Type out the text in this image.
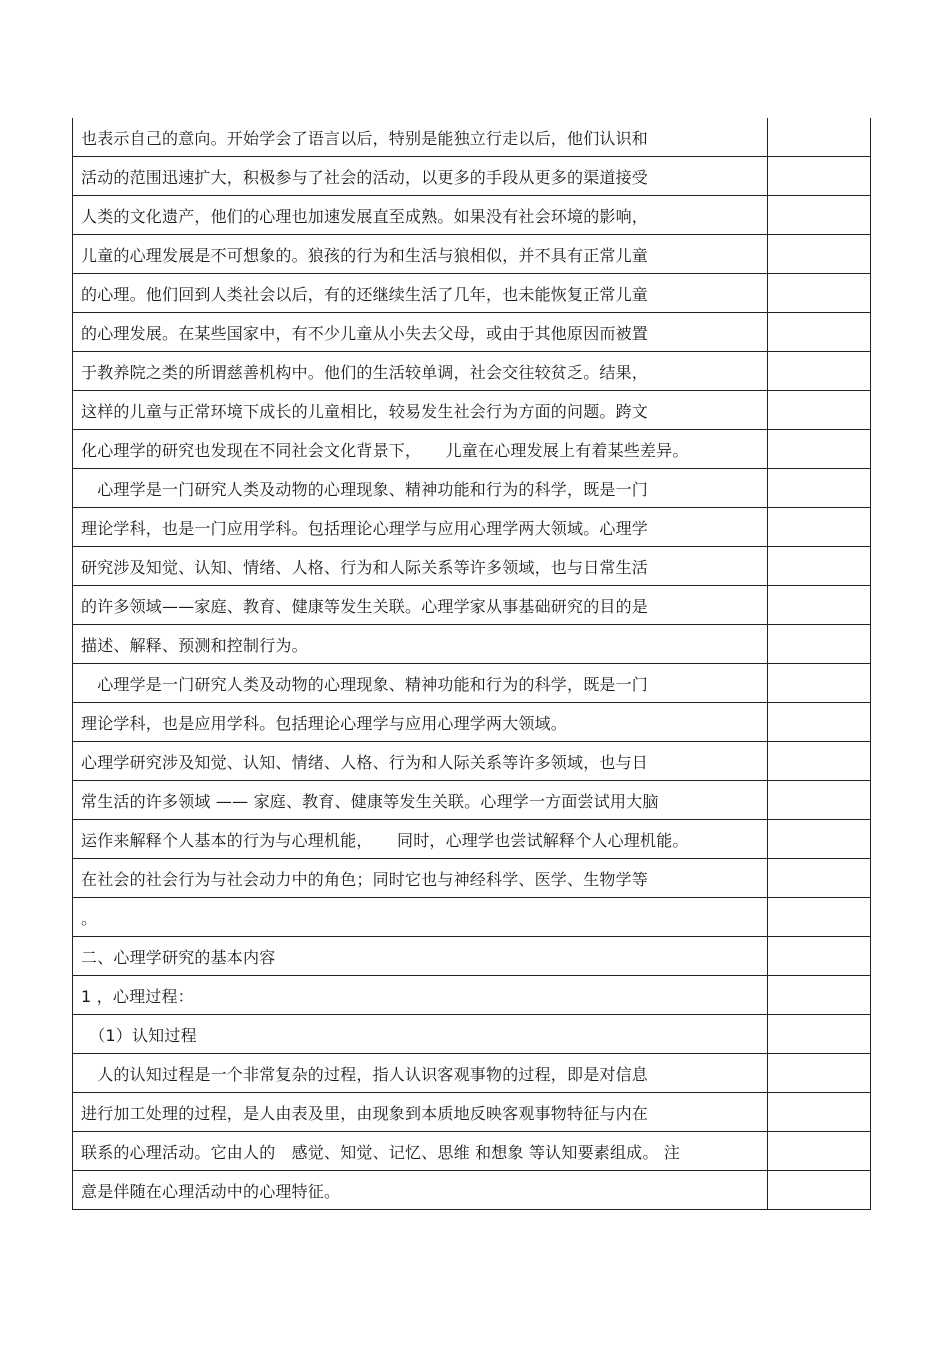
也表示自己的意向。开始学会了语言以后，特别是能独立行走以后，他们认识和	
活动的范围迅速扩大，积极参与了社会的活动，以更多的手段从更多的渠道接受	
人类的文化遗产，他们的心理也加速发展直至成熟。如果没有社会环境的影响，	
儿童的心理发展是不可想象的。狼孩的行为和生活与狼相似，并不具有正常儿童	
的心理。他们回到人类社会以后，有的还继续生活了几年，也未能恢复正常儿童	
的心理发展。在某些国家中，有不少儿童从小失去父母，或由于其他原因而被置	
于教养院之类的所谓慈善机构中。他们的生活较单调，社会交往较贫乏。结果，	
这样的儿童与正常环境下成长的儿童相比，较易发生社会行为方面的问题。跨文	
化心理学的研究也发现在不同社会文化背景下，　　儿童在心理发展上有着某些差异。	
　心理学是一门研究人类及动物的心理现象、精神功能和行为的科学，既是一门	
理论学科，也是一门应用学科。包括理论心理学与应用心理学两大领域。心理学	
研究涉及知觉、认知、情绪、人格、行为和人际关系等许多领域，也与日常生活	
的许多领域——家庭、教育、健康等发生关联。心理学家从事基础研究的目的是	
描述、解释、预测和控制行为。	
　心理学是一门研究人类及动物的心理现象、精神功能和行为的科学，既是一门	
理论学科，也是应用学科。包括理论心理学与应用心理学两大领域。	
心理学研究涉及知觉、认知、情绪、人格、行为和人际关系等许多领域，也与日	
常生活的许多领域 —— 家庭、教育、健康等发生关联。心理学一方面尝试用大脑	
运作来解释个人基本的行为与心理机能，　　同时，心理学也尝试解释个人心理机能。	
在社会的社会行为与社会动力中的角色；同时它也与神经科学、医学、生物学等	
。	
二、心理学研究的基本内容	
1 ，心理过程：	
　（1）认知过程	
　人的认知过程是一个非常复杂的过程，指人认识客观事物的过程，即是对信息	
进行加工处理的过程，是人由表及里，由现象到本质地反映客观事物特征与内在	
联系的心理活动。它由人的　感觉、知觉、记忆、思维 和想象 等认知要素组成。 注	
意是伴随在心理活动中的心理特征。	
